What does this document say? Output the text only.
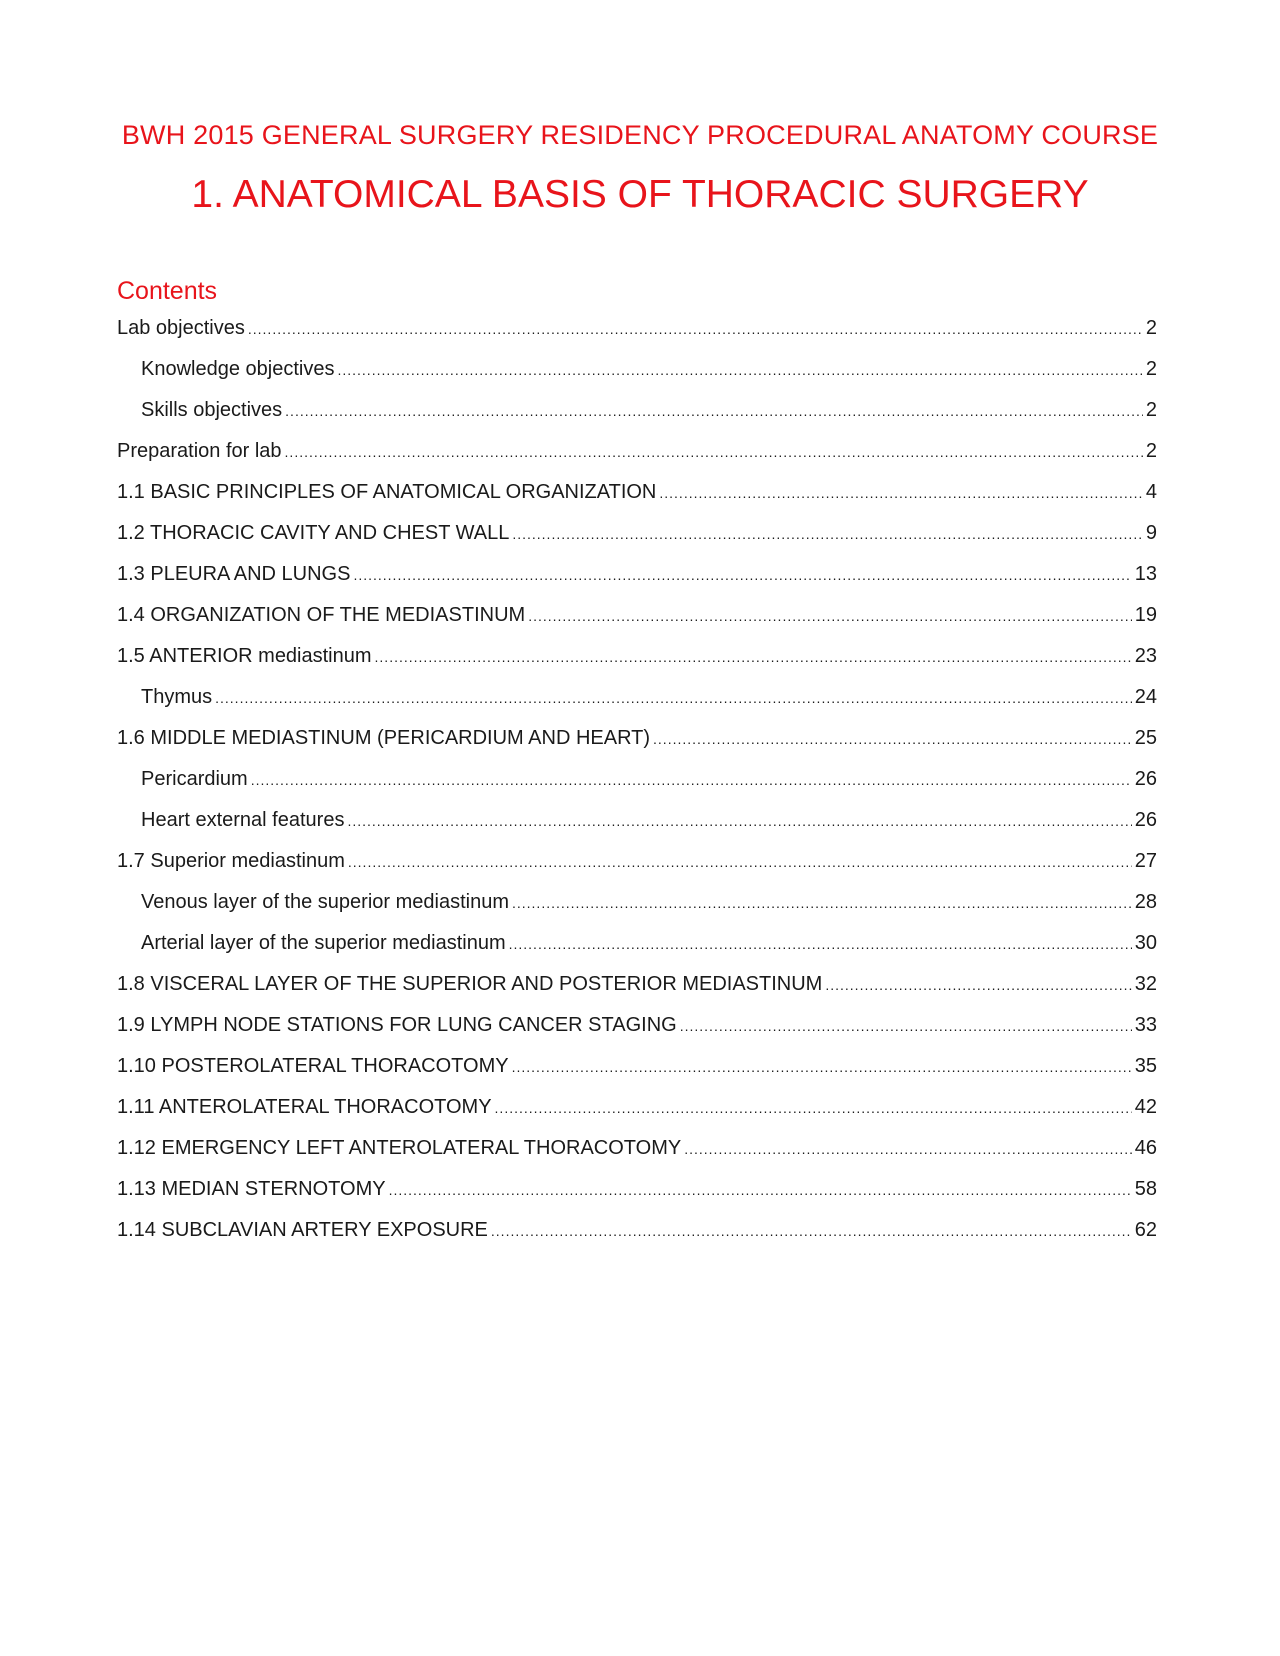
BWH 2015 GENERAL SURGERY RESIDENCY PROCEDURAL ANATOMY COURSE
1. ANATOMICAL BASIS OF THORACIC SURGERY
Contents
Lab objectives .....	2
Knowledge objectives .....	2
Skills objectives .....	2
Preparation for lab .....	2
1.1 BASIC PRINCIPLES OF ANATOMICAL ORGANIZATION .....	4
1.2 THORACIC CAVITY AND CHEST WALL .....	9
1.3 PLEURA AND LUNGS .....	13
1.4 ORGANIZATION OF THE MEDIASTINUM .....	19
1.5 ANTERIOR mediastinum .....	23
Thymus .....	24
1.6 MIDDLE MEDIASTINUM (PERICARDIUM AND HEART) .....	25
Pericardium .....	26
Heart external features .....	26
1.7 Superior mediastinum .....	27
Venous layer of the superior mediastinum .....	28
Arterial layer of the superior mediastinum .....	30
1.8 VISCERAL LAYER OF THE SUPERIOR AND POSTERIOR MEDIASTINUM .....	32
1.9 LYMPH NODE STATIONS FOR LUNG CANCER STAGING .....	33
1.10 POSTEROLATERAL THORACOTOMY .....	35
1.11 ANTEROLATERAL THORACOTOMY .....	42
1.12 EMERGENCY LEFT ANTEROLATERAL THORACOTOMY .....	46
1.13 MEDIAN STERNOTOMY .....	58
1.14 SUBCLAVIAN ARTERY EXPOSURE .....	62
